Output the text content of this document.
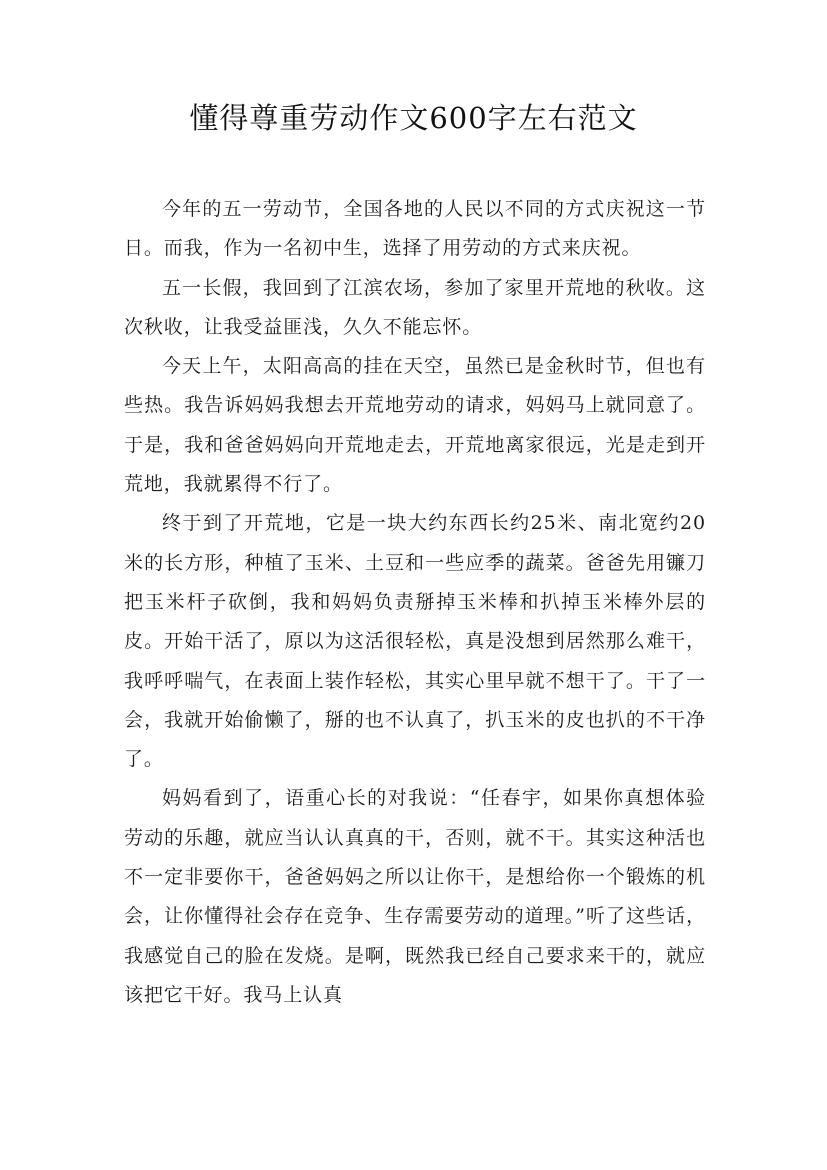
懂得尊重劳动作文600字左右范文

今年的五一劳动节，全国各地的人民以不同的方式庆祝这一节日。而我，作为一名初中生，选择了用劳动的方式来庆祝。

五一长假，我回到了江滨农场，参加了家里开荒地的秋收。这次秋收，让我受益匪浅，久久不能忘怀。

今天上午，太阳高高的挂在天空，虽然已是金秋时节，但也有些热。我告诉妈妈我想去开荒地劳动的请求，妈妈马上就同意了。于是，我和爸爸妈妈向开荒地走去，开荒地离家很远，光是走到开荒地，我就累得不行了。

终于到了开荒地，它是一块大约东西长约25米、南北宽约20米的长方形，种植了玉米、土豆和一些应季的蔬菜。爸爸先用镰刀把玉米杆子砍倒，我和妈妈负责掰掉玉米棒和扒掉玉米棒外层的皮。开始干活了，原以为这活很轻松，真是没想到居然那么难干，我呼呼喘气，在表面上装作轻松，其实心里早就不想干了。干了一会，我就开始偷懒了，掰的也不认真了，扒玉米的皮也扒的不干净了。

妈妈看到了，语重心长的对我说：“任春宇，如果你真想体验劳动的乐趣，就应当认认真真的干，否则，就不干。其实这种活也不一定非要你干，爸爸妈妈之所以让你干，是想给你一个锻炼的机会，让你懂得社会存在竞争、生存需要劳动的道理。”听了这些话，我感觉自己的脸在发烧。是啊，既然我已经自己要求来干的，就应该把它干好。我马上认真
